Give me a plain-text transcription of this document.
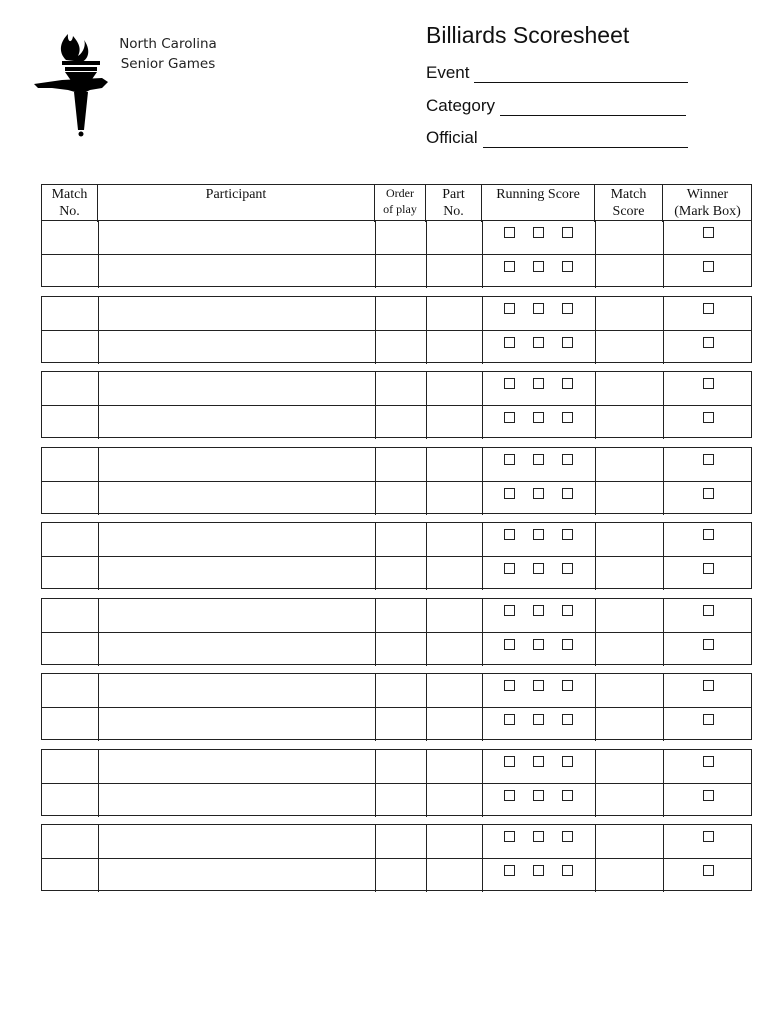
North Carolina
Senior Games
Billiards Scoresheet
Event
Category
Official
Match
No.
Participant	Order
of play
Part
No.
Running Score	Match
Score
Winner
(Mark Box)
